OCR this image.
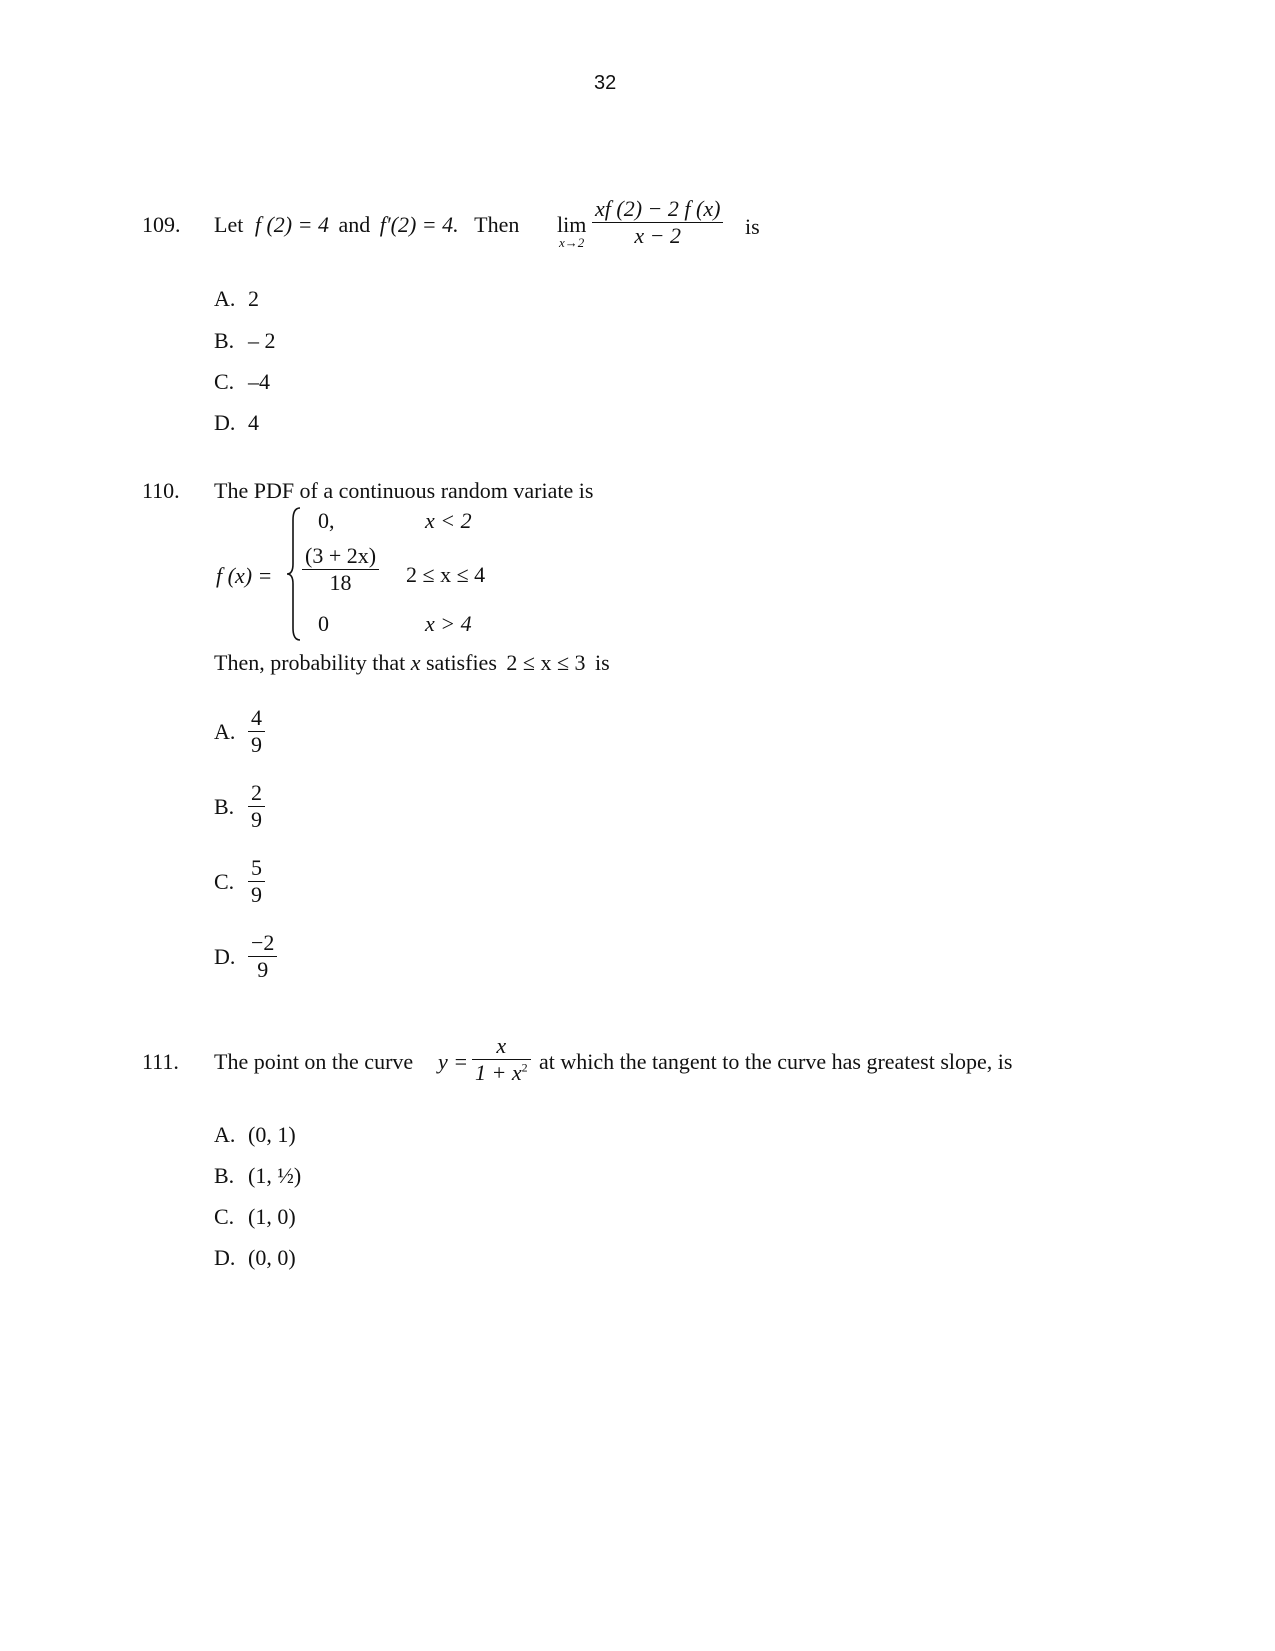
32
109. Let f (2) = 4 and f′(2) = 4. Then lim
$x\to 2 \frac{xf (2) - 2 f (x)}{x - 2}$ is
A. 2
B. – 2
C. –4
D. 4
110. The PDF of a continuous random variate is
f (x) =
0,	x < 2
$\frac{(3 + 2x)}{18} 2 \le x \le 4$
0	x > 4
Then, probability that x satisfies 2 ≤ x ≤ 3 is
A. $\frac{4}{9}$
B. $\frac{2}{9}$
C. $\frac{5}{9}$
D. $\frac{-2}{9}$
111. The point on the curve $y = \frac{x}{1 + x^2}$ at which the tangent to the curve has greatest slope, is
A. (0, 1)
B. (1, ½)
C. (1, 0)
D. (0, 0)
